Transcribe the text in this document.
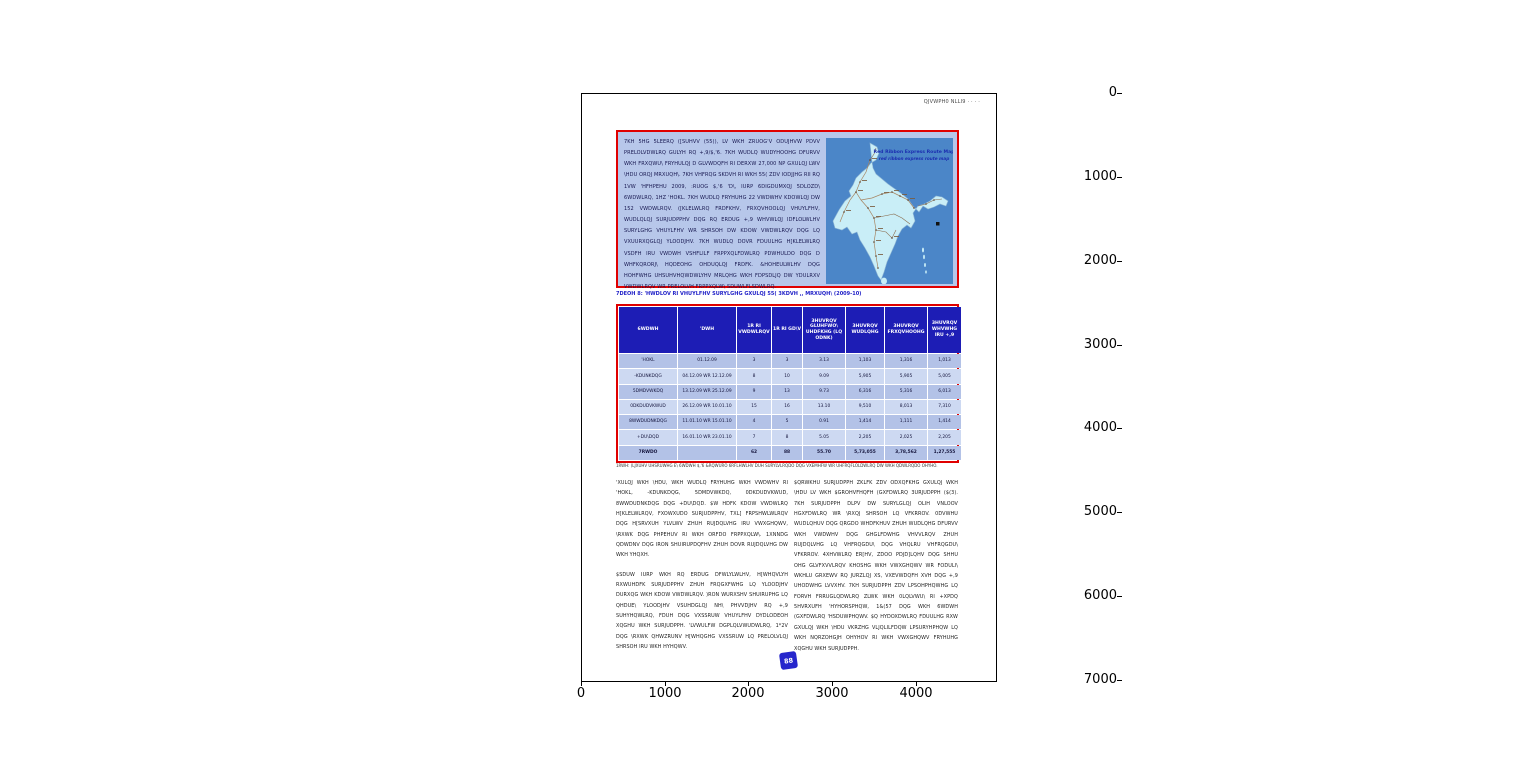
0
1000
2000
3000
4000
5000
6000
7000
0	1000	2000	3000	4000
QJVWPH0 NLLI9 · · · ·
7KH 5HG 5LEERQ ([SUHVV (55(), LV WKH ZRUOG'V ODUJHVW PDVV PRELOLVDWLRQ GULYH RQ +,9/$,'6. 7KH WUDLQ WUDYHOOHG DFURVV WKH FRXQWU\ FRYHULQJ D GLVWDQFH RI DERXW 27,000 NP GXULQJ LWV \HDU ORQJ MRXUQH\. 7KH VHFRQG SKDVH RI WKH 55( ZDV IODJJHG RII RQ 1VW 'HFHPEHU 2009, :RUOG $,'6 'D\, IURP 6DIGDUMXQJ 5DLOZD\ 6WDWLRQ, 1HZ 'HOKL. 7KH WUDLQ FRYHUHG 22 VWDWHV KDOWLQJ DW 152 VWDWLRQV. ([KLELWLRQ FRDFKHV, FRXQVHOOLQJ VHUYLFHV, WUDLQLQJ SURJUDPPHV DQG RQ ERDUG +,9 WHVWLQJ IDFLOLWLHV SURYLGHG VHUYLFHV WR SHRSOH DW KDOW VWDWLRQV DQG LQ VXUURXQGLQJ YLOODJHV. 7KH WUDLQ DOVR FDUULHG H[KLELWLRQ VSDFH IRU VWDWH VSHFLILF FRPPXQLFDWLRQ PDWHULDO DQG D WHFKQRORJ\ HQDEOHG OHDUQLQJ FRDFK. &HOHEULWLHV DQG HOHFWHG UHSUHVHQWDWLYHV MRLQHG WKH FDPSDLJQ DW YDULRXV VWDWLRQV WR PRELOLVH FRPPXQLW\ SDUWLFLSDWLRQ.
Red Ribbon Express Route Map
red ribbon express route map
7DEOH 8: 'HWDLOV RI VHUYLFHV SURYLGHG GXULQJ 55( 3KDVH ,, MRXUQH\ (2009-10)
6WDWH	'DWH	1R RI VWDWLRQV	1R RI GD\V	3HUVRQV GLUHFWO\ UHDFKHG (LQ ODNK)	3HUVRQV WUDLQHG	3HUVRQV FRXQVHOOHG	3HUVRQV WHVWHG IRU +,9
'HOKL	01.12.09	3	3	3.13	1,103	1,316	1,013
-KDUNKDQG	04.12.09 WR 12.12.09	8	10	9.09	5,905	5,905	5,005
5DMDVWKDQ	13.12.09 WR 25.12.09	9	13	9.73	6,316	5,316	6,013
0DKDUDVKWUD	26.12.09 WR 10.01.10	15	16	13.10	9,510	8,013	7,310
8WWDUDNKDQG	11.01.10 WR 15.01.10	4	5	0.91	1,414	1,111	1,414
+DU\DQD	16.01.10 WR 23.01.10	7	8	5.05	2,205	2,025	2,205
7RWDO		62	88	55.70	5,73,055	3,78,562	1,27,555
1RWH: )LJXUHV UHSRUWHG E\ 6WDWH $,'6 &RQWURO 6RFLHWLHV DUH SURYLVLRQDO DQG VXEMHFW WR UHFRQFLOLDWLRQ DW WKH QDWLRQDO OHYHO.
'XULQJ WKH \HDU, WKH WUDLQ FRYHUHG WKH VWDWHV RI 'HOKL, -KDUNKDQG, 5DMDVWKDQ, 0DKDUDVKWUD, 8WWDUDNKDQG DQG +DU\DQD. $W HDFK KDOW VWDWLRQ H[KLELWLRQV, FXOWXUDO SURJUDPPHV, TXL] FRPSHWLWLRQV DQG H[SRVXUH YLVLWV ZHUH RUJDQLVHG IRU VWXGHQWV, \RXWK DQG PHPEHUV RI WKH ORFDO FRPPXQLW\. 1XNNDG QDWDNV DQG IRON SHUIRUPDQFHV ZHUH DOVR RUJDQLVHG DW WKH YHQXH.
$SDUW IURP WKH RQ ERDUG DFWLYLWLHV, H[WHQVLYH RXWUHDFK SURJUDPPHV ZHUH FRQGXFWHG LQ YLOODJHV DURXQG WKH KDOW VWDWLRQV. )RON WURXSHV SHUIRUPHG LQ QHDUE\ YLOODJHV VSUHDGLQJ NH\ PHVVDJHV RQ +,9 SUHYHQWLRQ, FDUH DQG VXSSRUW VHUYLFHV DYDLODEOH XQGHU WKH SURJUDPPH. 'LVWULFW DGPLQLVWUDWLRQ, 1*2V DQG \RXWK QHWZRUNV H[WHQGHG VXSSRUW LQ PRELOLVLQJ SHRSOH IRU WKH HYHQWV.
$QRWKHU SURJUDPPH ZKLFK ZDV ODXQFKHG GXULQJ WKH \HDU LV WKH $GROHVFHQFH (GXFDWLRQ 3URJUDPPH ($(3). 7KH SURJUDPPH DLPV DW SURYLGLQJ OLIH VNLOOV HGXFDWLRQ WR \RXQJ SHRSOH LQ VFKRROV. 0DVWHU WUDLQHUV DQG QRGDO WHDFKHUV ZHUH WUDLQHG DFURVV WKH VWDWHV DQG GHGLFDWHG VHVVLRQV ZHUH RUJDQLVHG LQ VHFRQGDU\ DQG VHQLRU VHFRQGDU\ VFKRROV. 4XHVWLRQ ER[HV, ZDOO PDJD]LQHV DQG SHHU OHG GLVFXVVLRQV KHOSHG WKH VWXGHQWV WR FODULI\ WKHLU GRXEWV RQ JURZLQJ XS, VXEVWDQFH XVH DQG +,9 UHODWHG LVVXHV. 7KH SURJUDPPH ZDV LPSOHPHQWHG LQ FORVH FRRUGLQDWLRQ ZLWK WKH 0LQLVWU\ RI +XPDQ 5HVRXUFH 'HYHORSPHQW, 1&(57 DQG WKH 6WDWH (GXFDWLRQ 'HSDUWPHQWV. $Q HYDOXDWLRQ FDUULHG RXW GXULQJ WKH \HDU VKRZHG VLJQLILFDQW LPSURYHPHQW LQ WKH NQRZOHGJH OHYHOV RI WKH VWXGHQWV FRYHUHG XQGHU WKH SURJUDPPH.
88
